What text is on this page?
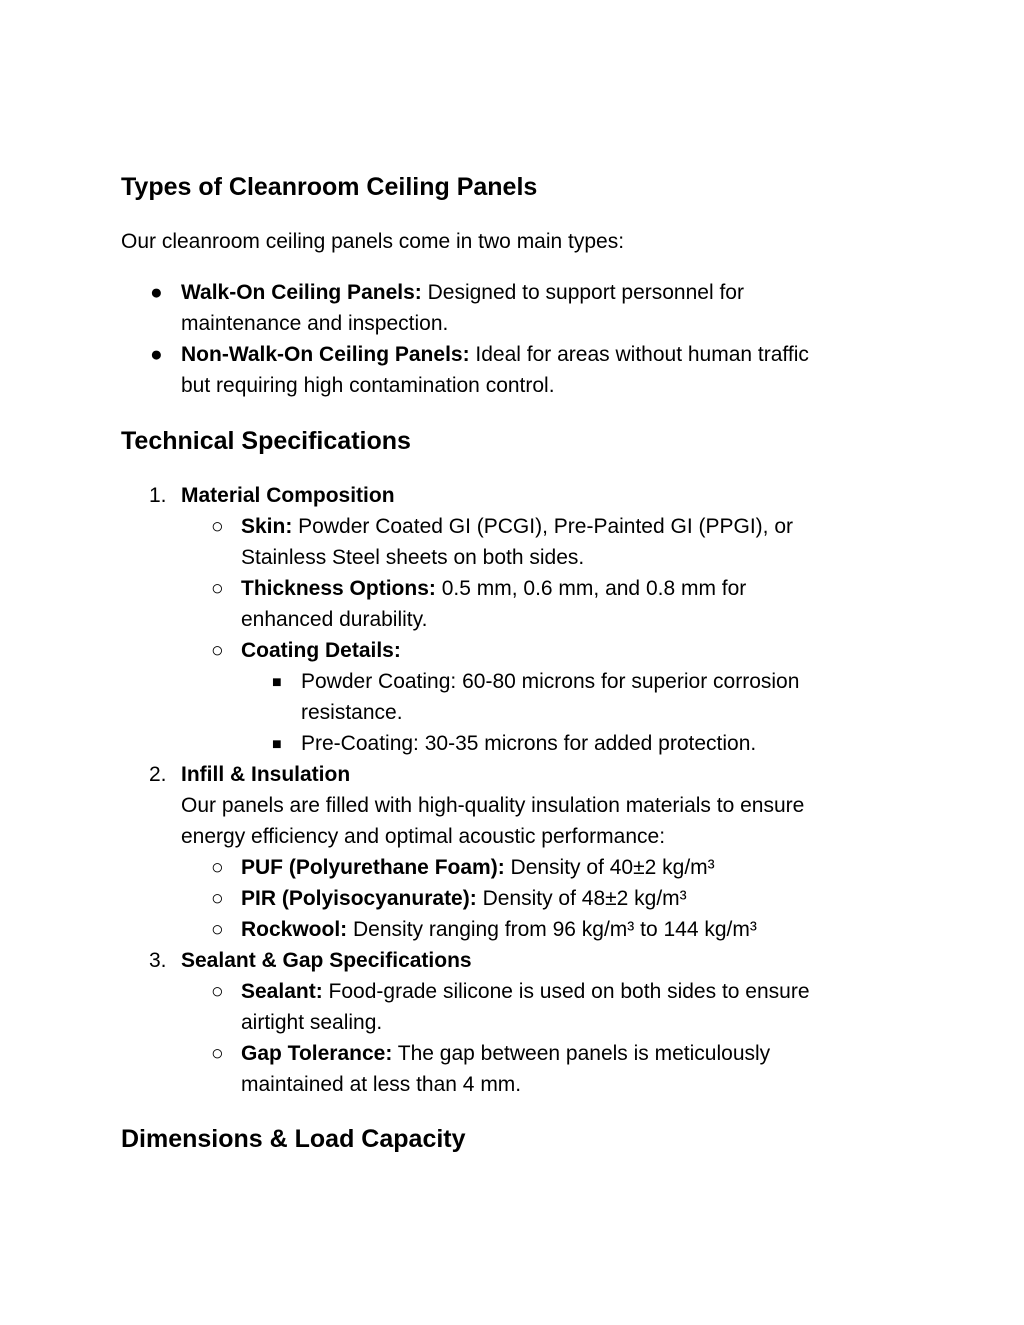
Types of Cleanroom Ceiling Panels

Our cleanroom ceiling panels come in two main types:

● Walk-On Ceiling Panels: Designed to support personnel for

maintenance and inspection.

● Non-Walk-On Ceiling Panels: Ideal for areas without human traffic

but requiring high contamination control.

Technical Specifications
1. Material Composition

○ Skin: Powder Coated GI (PCGI), Pre-Painted GI (PPGI), or

Stainless Steel sheets on both sides.

○ Thickness Options: 0.5 mm, 0.6 mm, and 0.8 mm for

enhanced durability.

○ Coating Details:

■ Powder Coating: 60-80 microns for superior corrosion

resistance.

■ Pre-Coating: 30-35 microns for added protection.

2. Infill & Insulation

Our panels are filled with high-quality insulation materials to ensure

energy efficiency and optimal acoustic performance:

○ PUF (Polyurethane Foam): Density of 40±2 kg/m³

○ PIR (Polyisocyanurate): Density of 48±2 kg/m³

○ Rockwool: Density ranging from 96 kg/m³ to 144 kg/m³

3. Sealant & Gap Specifications

○ Sealant: Food-grade silicone is used on both sides to ensure

airtight sealing.

○ Gap Tolerance: The gap between panels is meticulously

maintained at less than 4 mm.

Dimensions & Load Capacity
